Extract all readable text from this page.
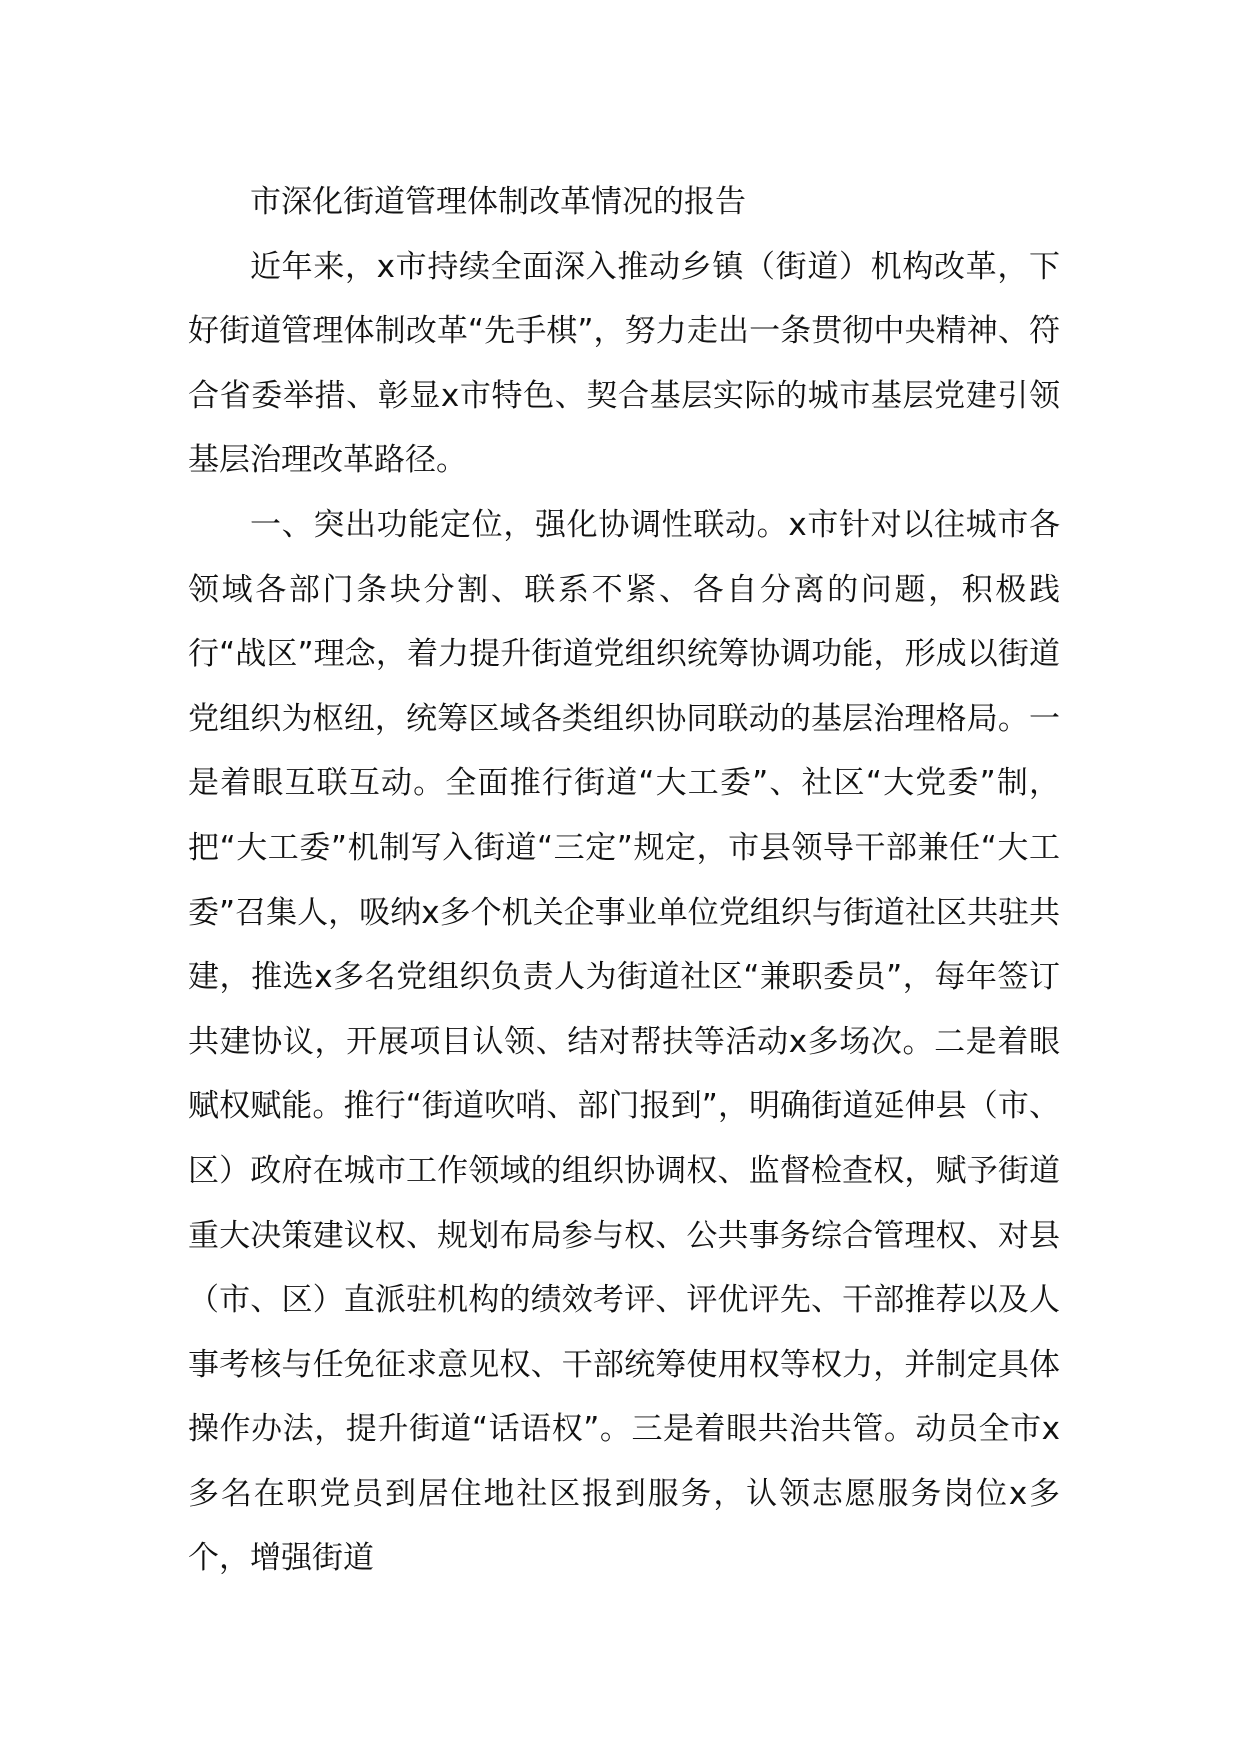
市深化街道管理体制改革情况的报告

近年来，x市持续全面深入推动乡镇（街道）机构改革，下好街道管理体制改革“先手棋”，努力走出一条贯彻中央精神、符合省委举措、彰显x市特色、契合基层实际的城市基层党建引领基层治理改革路径。

一、突出功能定位，强化协调性联动。x市针对以往城市各领域各部门条块分割、联系不紧、各自分离的问题，积极践行“战区”理念，着力提升街道党组织统筹协调功能，形成以街道党组织为枢纽，统筹区域各类组织协同联动的基层治理格局。一是着眼互联互动。全面推行街道“大工委”、社区“大党委”制，把“大工委”机制写入街道“三定”规定，市县领导干部兼任“大工委”召集人，吸纳x多个机关企事业单位党组织与街道社区共驻共建，推选x多名党组织负责人为街道社区“兼职委员”，每年签订共建协议，开展项目认领、结对帮扶等活动x多场次。二是着眼赋权赋能。推行“街道吹哨、部门报到”，明确街道延伸县（市、区）政府在城市工作领域的组织协调权、监督检查权，赋予街道重大决策建议权、规划布局参与权、公共事务综合管理权、对县（市、区）直派驻机构的绩效考评、评优评先、干部推荐以及人事考核与任免征求意见权、干部统筹使用权等权力，并制定具体操作办法，提升街道“话语权”。三是着眼共治共管。动员全市x多名在职党员到居住地社区报到服务，认领志愿服务岗位x多个，增强街道
